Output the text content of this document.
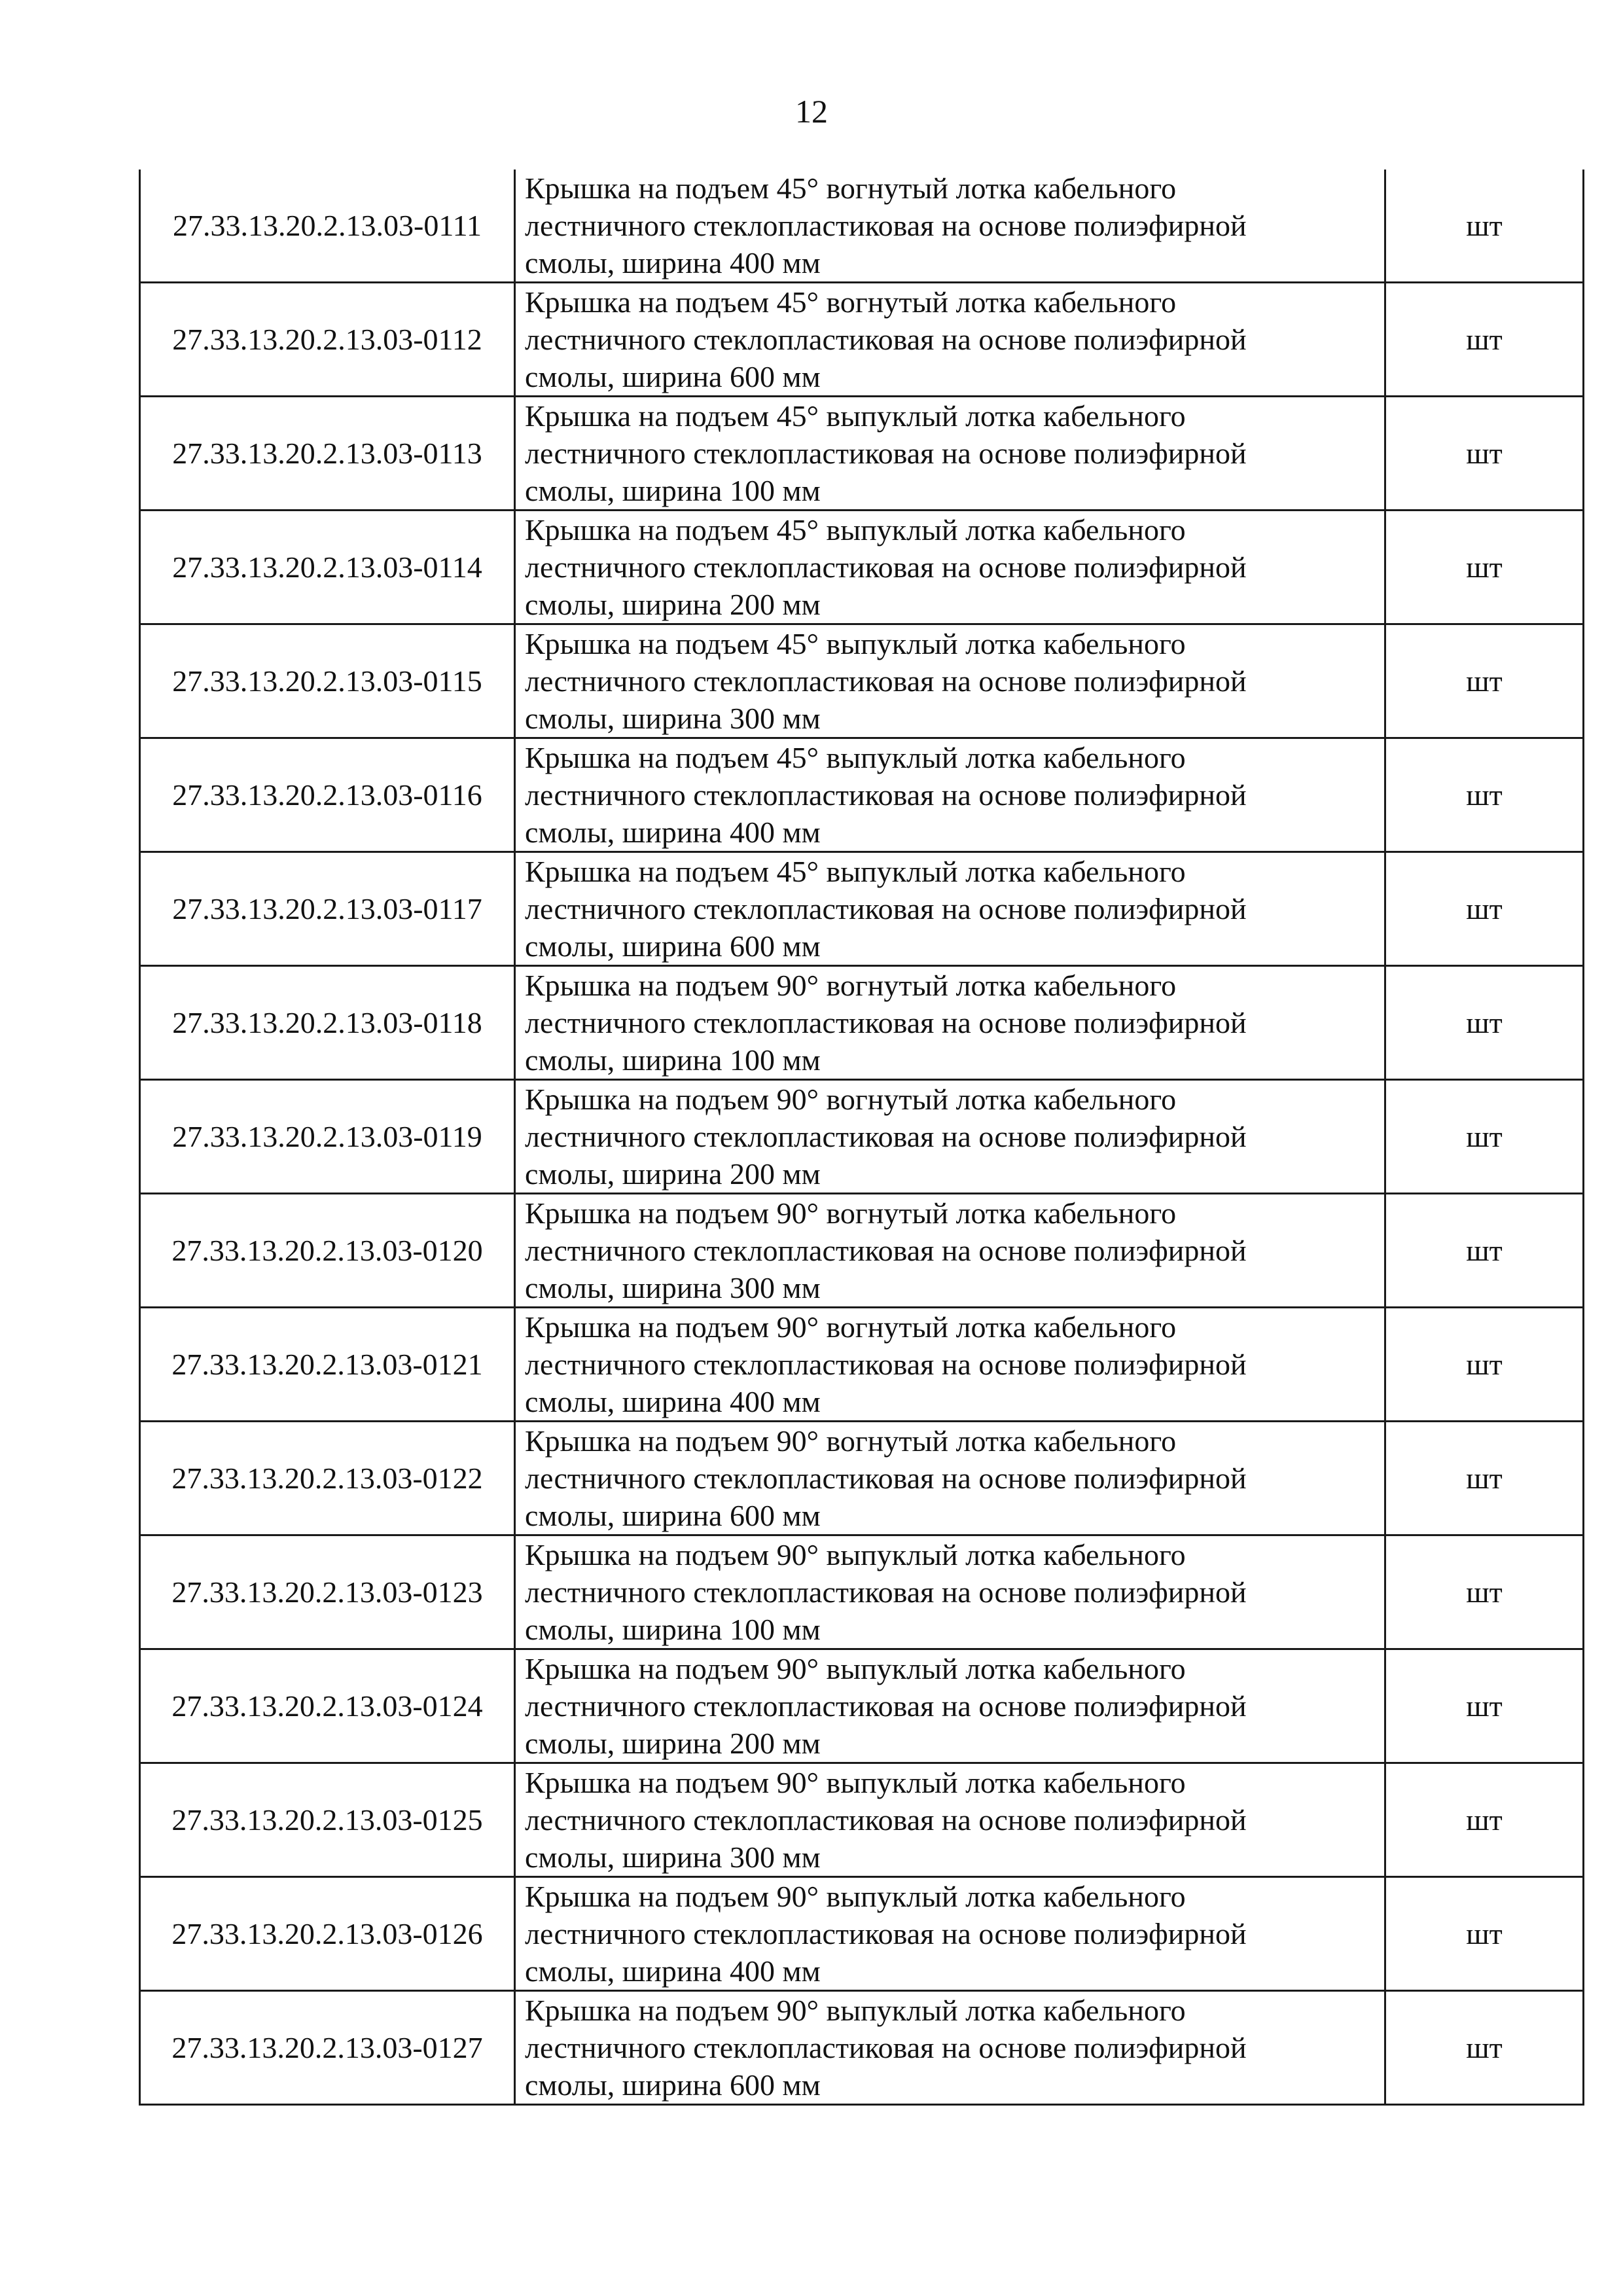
12
27.33.13.20.2.13.03-0111	Крышка на подъем 45° вогнутый лотка кабельного
лестничного стеклопластиковая на основе полиэфирной
смолы, ширина 400 мм	шт
27.33.13.20.2.13.03-0112	Крышка на подъем 45° вогнутый лотка кабельного
лестничного стеклопластиковая на основе полиэфирной
смолы, ширина 600 мм	шт
27.33.13.20.2.13.03-0113	Крышка на подъем 45° выпуклый лотка кабельного
лестничного стеклопластиковая на основе полиэфирной
смолы, ширина 100 мм	шт
27.33.13.20.2.13.03-0114	Крышка на подъем 45° выпуклый лотка кабельного
лестничного стеклопластиковая на основе полиэфирной
смолы, ширина 200 мм	шт
27.33.13.20.2.13.03-0115	Крышка на подъем 45° выпуклый лотка кабельного
лестничного стеклопластиковая на основе полиэфирной
смолы, ширина 300 мм	шт
27.33.13.20.2.13.03-0116	Крышка на подъем 45° выпуклый лотка кабельного
лестничного стеклопластиковая на основе полиэфирной
смолы, ширина 400 мм	шт
27.33.13.20.2.13.03-0117	Крышка на подъем 45° выпуклый лотка кабельного
лестничного стеклопластиковая на основе полиэфирной
смолы, ширина 600 мм	шт
27.33.13.20.2.13.03-0118	Крышка на подъем 90° вогнутый лотка кабельного
лестничного стеклопластиковая на основе полиэфирной
смолы, ширина 100 мм	шт
27.33.13.20.2.13.03-0119	Крышка на подъем 90° вогнутый лотка кабельного
лестничного стеклопластиковая на основе полиэфирной
смолы, ширина 200 мм	шт
27.33.13.20.2.13.03-0120	Крышка на подъем 90° вогнутый лотка кабельного
лестничного стеклопластиковая на основе полиэфирной
смолы, ширина 300 мм	шт
27.33.13.20.2.13.03-0121	Крышка на подъем 90° вогнутый лотка кабельного
лестничного стеклопластиковая на основе полиэфирной
смолы, ширина 400 мм	шт
27.33.13.20.2.13.03-0122	Крышка на подъем 90° вогнутый лотка кабельного
лестничного стеклопластиковая на основе полиэфирной
смолы, ширина 600 мм	шт
27.33.13.20.2.13.03-0123	Крышка на подъем 90° выпуклый лотка кабельного
лестничного стеклопластиковая на основе полиэфирной
смолы, ширина 100 мм	шт
27.33.13.20.2.13.03-0124	Крышка на подъем 90° выпуклый лотка кабельного
лестничного стеклопластиковая на основе полиэфирной
смолы, ширина 200 мм	шт
27.33.13.20.2.13.03-0125	Крышка на подъем 90° выпуклый лотка кабельного
лестничного стеклопластиковая на основе полиэфирной
смолы, ширина 300 мм	шт
27.33.13.20.2.13.03-0126	Крышка на подъем 90° выпуклый лотка кабельного
лестничного стеклопластиковая на основе полиэфирной
смолы, ширина 400 мм	шт
27.33.13.20.2.13.03-0127	Крышка на подъем 90° выпуклый лотка кабельного
лестничного стеклопластиковая на основе полиэфирной
смолы, ширина 600 мм	шт
